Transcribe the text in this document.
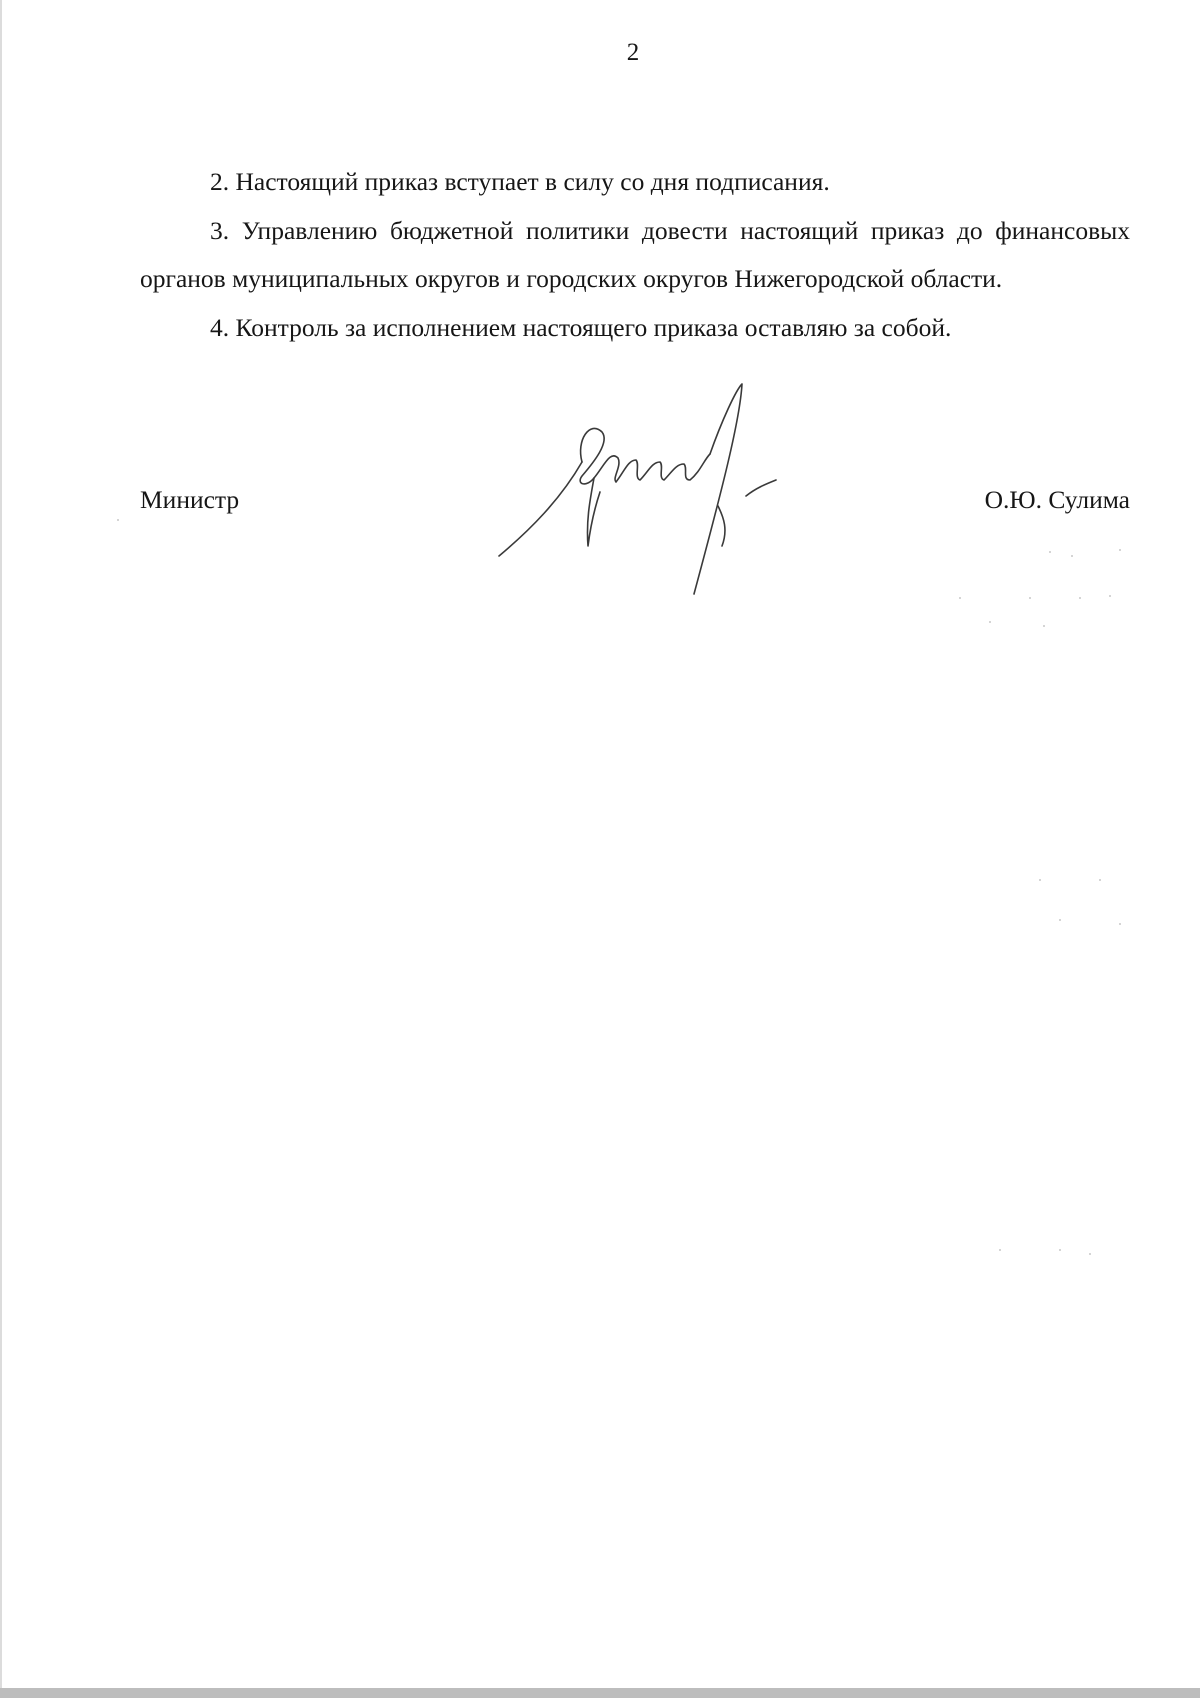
2

2. Настоящий приказ вступает в силу со дня подписания.

3. Управлению бюджетной политики довести настоящий приказ до финансовых органов муниципальных округов и городских округов Нижегородской области.

4. Контроль за исполнением настоящего приказа оставляю за собой.

Министр	О.Ю. Сулима
